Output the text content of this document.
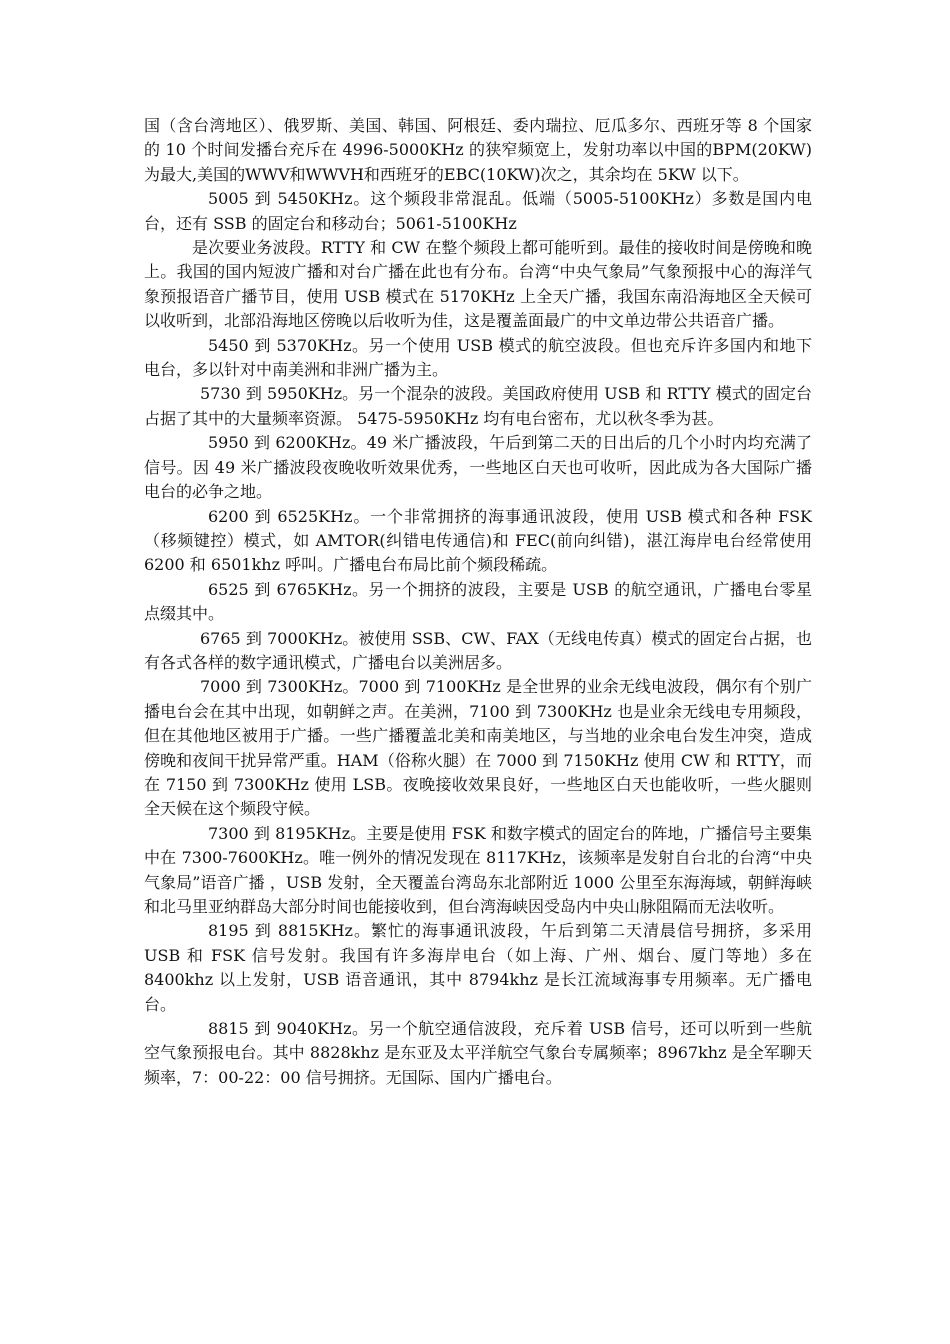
国（含台湾地区）、俄罗斯、美国、韩国、阿根廷、委内瑞拉、厄瓜多尔、西班牙等 8 个国家的 10 个时间发播台充斥在 4996-5000KHz 的狭窄频宽上，发射功率以中国的BPM(20KW)为最大,美国的WWV和WWVH和西班牙的EBC(10KW)次之，其余均在 5KW 以下。

5005 到 5450KHz。这个频段非常混乱。低端（5005-5100KHz）多数是国内电台，还有 SSB 的固定台和移动台；5061-5100KHz

是次要业务波段。RTTY 和 CW 在整个频段上都可能听到。最佳的接收时间是傍晚和晚上。我国的国内短波广播和对台广播在此也有分布。台湾“中央气象局”气象预报中心的海洋气象预报语音广播节目，使用 USB 模式在 5170KHz 上全天广播，我国东南沿海地区全天候可以收听到，北部沿海地区傍晚以后收听为佳，这是覆盖面最广的中文单边带公共语音广播。

5450 到 5370KHz。另一个使用 USB 模式的航空波段。但也充斥许多国内和地下电台，多以针对中南美洲和非洲广播为主。

5730 到 5950KHz。另一个混杂的波段。美国政府使用 USB 和 RTTY 模式的固定台占据了其中的大量频率资源。 5475-5950KHz 均有电台密布，尤以秋冬季为甚。

5950 到 6200KHz。49 米广播波段，午后到第二天的日出后的几个小时内均充满了信号。因 49 米广播波段夜晚收听效果优秀，一些地区白天也可收听，因此成为各大国际广播电台的必争之地。

6200 到 6525KHz。一个非常拥挤的海事通讯波段，使用 USB 模式和各种 FSK（移频键控）模式，如 AMTOR(纠错电传通信)和 FEC(前向纠错)，湛江海岸电台经常使用 6200 和 6501khz 呼叫。广播电台布局比前个频段稀疏。

6525 到 6765KHz。另一个拥挤的波段，主要是 USB 的航空通讯，广播电台零星点缀其中。

6765 到 7000KHz。被使用 SSB、CW、FAX（无线电传真）模式的固定台占据，也有各式各样的数字通讯模式，广播电台以美洲居多。

7000 到 7300KHz。7000 到 7100KHz 是全世界的业余无线电波段，偶尔有个别广播电台会在其中出现，如朝鲜之声。在美洲，7100 到 7300KHz 也是业余无线电专用频段，但在其他地区被用于广播。一些广播覆盖北美和南美地区，与当地的业余电台发生冲突，造成傍晚和夜间干扰异常严重。HAM（俗称火腿）在 7000 到 7150KHz 使用 CW 和 RTTY，而在 7150 到 7300KHz 使用 LSB。夜晚接收效果良好，一些地区白天也能收听，一些火腿则全天候在这个频段守候。

7300 到 8195KHz。主要是使用 FSK 和数字模式的固定台的阵地，广播信号主要集中在 7300-7600KHz。唯一例外的情况发现在 8117KHz，该频率是发射自台北的台湾“中央气象局”语音广播 ，USB 发射，全天覆盖台湾岛东北部附近 1000 公里至东海海域，朝鲜海峡和北马里亚纳群岛大部分时间也能接收到，但台湾海峡因受岛内中央山脉阻隔而无法收听。

8195 到 8815KHz。繁忙的海事通讯波段，午后到第二天清晨信号拥挤，多采用 USB 和 FSK 信号发射。我国有许多海岸电台（如上海、广州、烟台、厦门等地）多在 8400khz 以上发射，USB 语音通讯，其中 8794khz 是长江流域海事专用频率。无广播电台。

8815 到 9040KHz。另一个航空通信波段，充斥着 USB 信号，还可以听到一些航空气象预报电台。其中 8828khz 是东亚及太平洋航空气象台专属频率；8967khz 是全军聊天频率，7：00-22：00 信号拥挤。无国际、国内广播电台。
